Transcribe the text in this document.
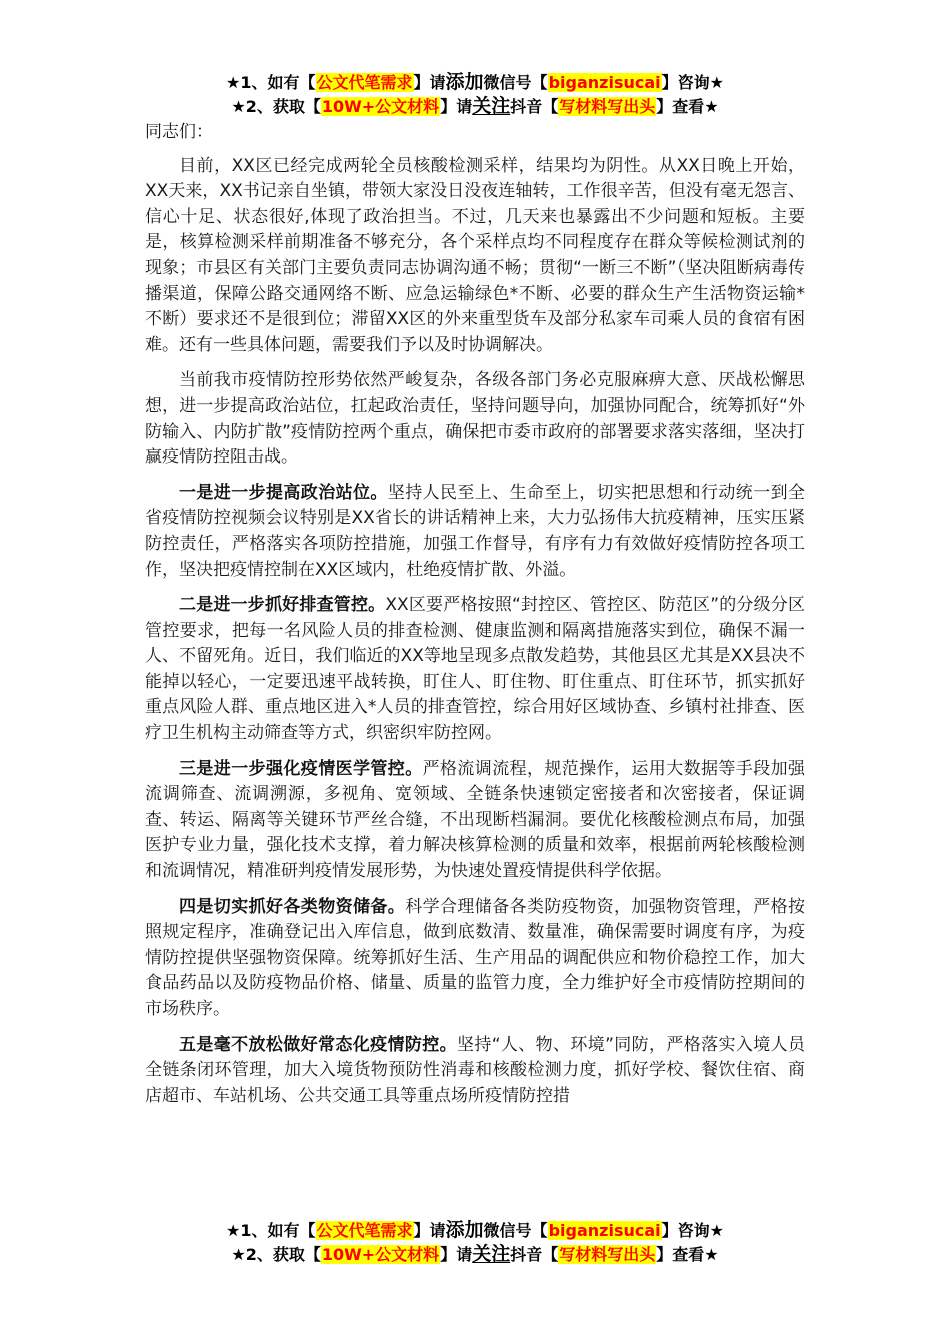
★1、如有【公文代笔需求】请添加微信号【biganzisucai】咨询★
★2、获取【10W+公文材料】请关注抖音【写材料写出头】查看★
同志们：

目前，XX区已经完成两轮全员核酸检测采样，结果均为阴性。从XX日晚上开始，XX天来，XX书记亲自坐镇，带领大家没日没夜连轴转，工作很辛苦，但没有毫无怨言、信心十足、状态很好,体现了政治担当。不过，几天来也暴露出不少问题和短板。主要是，核算检测采样前期准备不够充分，各个采样点均不同程度存在群众等候检测试剂的现象；市县区有关部门主要负责同志协调沟通不畅；贯彻“一断三不断”（坚决阻断病毒传播渠道，保障公路交通网络不断、应急运输绿色*不断、必要的群众生产生活物资运输*不断）要求还不是很到位；滞留XX区的外来重型货车及部分私家车司乘人员的食宿有困难。还有一些具体问题，需要我们予以及时协调解决。

当前我市疫情防控形势依然严峻复杂，各级各部门务必克服麻痹大意、厌战松懈思想，进一步提高政治站位，扛起政治责任，坚持问题导向，加强协同配合，统筹抓好“外防输入、内防扩散”疫情防控两个重点，确保把市委市政府的部署要求落实落细，坚决打赢疫情防控阻击战。

一是进一步提高政治站位。坚持人民至上、生命至上，切实把思想和行动统一到全省疫情防控视频会议特别是XX省长的讲话精神上来，大力弘扬伟大抗疫精神，压实压紧防控责任，严格落实各项防控措施，加强工作督导，有序有力有效做好疫情防控各项工作，坚决把疫情控制在XX区域内，杜绝疫情扩散、外溢。

二是进一步抓好排查管控。XX区要严格按照“封控区、管控区、防范区”的分级分区管控要求，把每一名风险人员的排查检测、健康监测和隔离措施落实到位，确保不漏一人、不留死角。近日，我们临近的XX等地呈现多点散发趋势，其他县区尤其是XX县决不能掉以轻心，一定要迅速平战转换，盯住人、盯住物、盯住重点、盯住环节，抓实抓好重点风险人群、重点地区进入*人员的排查管控，综合用好区域协查、乡镇村社排查、医疗卫生机构主动筛查等方式，织密织牢防控网。

三是进一步强化疫情医学管控。严格流调流程，规范操作，运用大数据等手段加强流调筛查、流调溯源，多视角、宽领域、全链条快速锁定密接者和次密接者，保证调查、转运、隔离等关键环节严丝合缝，不出现断档漏洞。要优化核酸检测点布局，加强医护专业力量，强化技术支撑，着力解决核算检测的质量和效率，根据前两轮核酸检测和流调情况，精准研判疫情发展形势，为快速处置疫情提供科学依据。

四是切实抓好各类物资储备。科学合理储备各类防疫物资，加强物资管理，严格按照规定程序，准确登记出入库信息，做到底数清、数量准，确保需要时调度有序，为疫情防控提供坚强物资保障。统筹抓好生活、生产用品的调配供应和物价稳控工作，加大食品药品以及防疫物品价格、储量、质量的监管力度，全力维护好全市疫情防控期间的市场秩序。

五是毫不放松做好常态化疫情防控。坚持“人、物、环境”同防，严格落实入境人员全链条闭环管理，加大入境货物预防性消毒和核酸检测力度，抓好学校、餐饮住宿、商店超市、车站机场、公共交通工具等重点场所疫情防控措

★1、如有【公文代笔需求】请添加微信号【biganzisucai】咨询★
★2、获取【10W+公文材料】请关注抖音【写材料写出头】查看★
